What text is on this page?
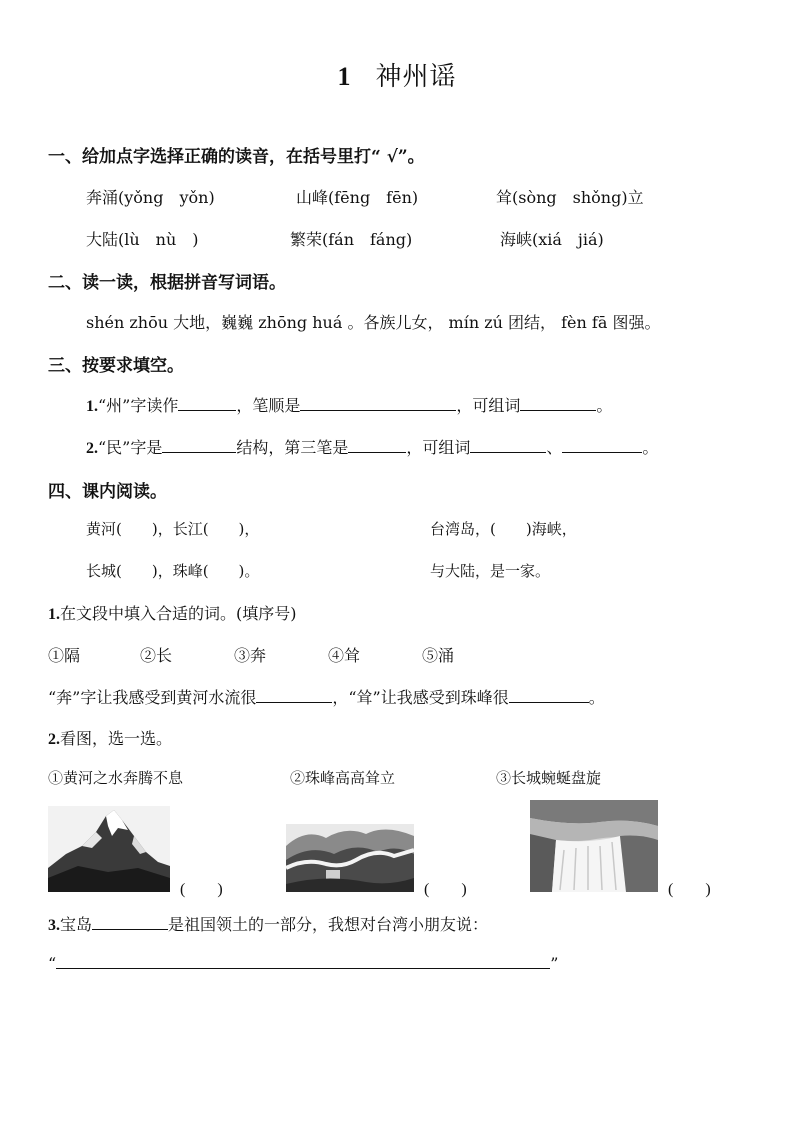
1 神州谣
一、给加点字选择正确的读音，在括号里打“ √”。
奔涌(yǒng　yǒn)	山峰(fēng　fēn)	耸(sòng　shǒng)立
大陆(lù　nù　)	繁荣(fán　fáng)	海峡(xiá　jiá)
二、读一读，根据拼音写词语。
shén zhōu 大地，巍巍 zhōng huá 。各族儿女， mín zú 团结， fèn fā 图强。
三、按要求填空。
1.“州”字读作	，笔顺是	，可组词	。
2.“民”字是	结构，第三笔是	，可组词	、	。
四、课内阅读。
黄河(　　)，长江(　　)，	台湾岛，(　　)海峡，
长城(　　)，珠峰(　　)。	与大陆，是一家。
1.在文段中填入合适的词。(填序号)
①隔	②长	③奔	④耸	⑤涌
“奔”字让我感受到黄河水流很	，“耸”让我感受到珠峰很	。
2.看图，选一选。
①黄河之水奔腾不息	②珠峰高高耸立	③长城蜿蜒盘旋
(　　)	(　　)	(　　)
3.宝岛	是祖国领土的一部分，我想对台湾小朋友说：
“	”
